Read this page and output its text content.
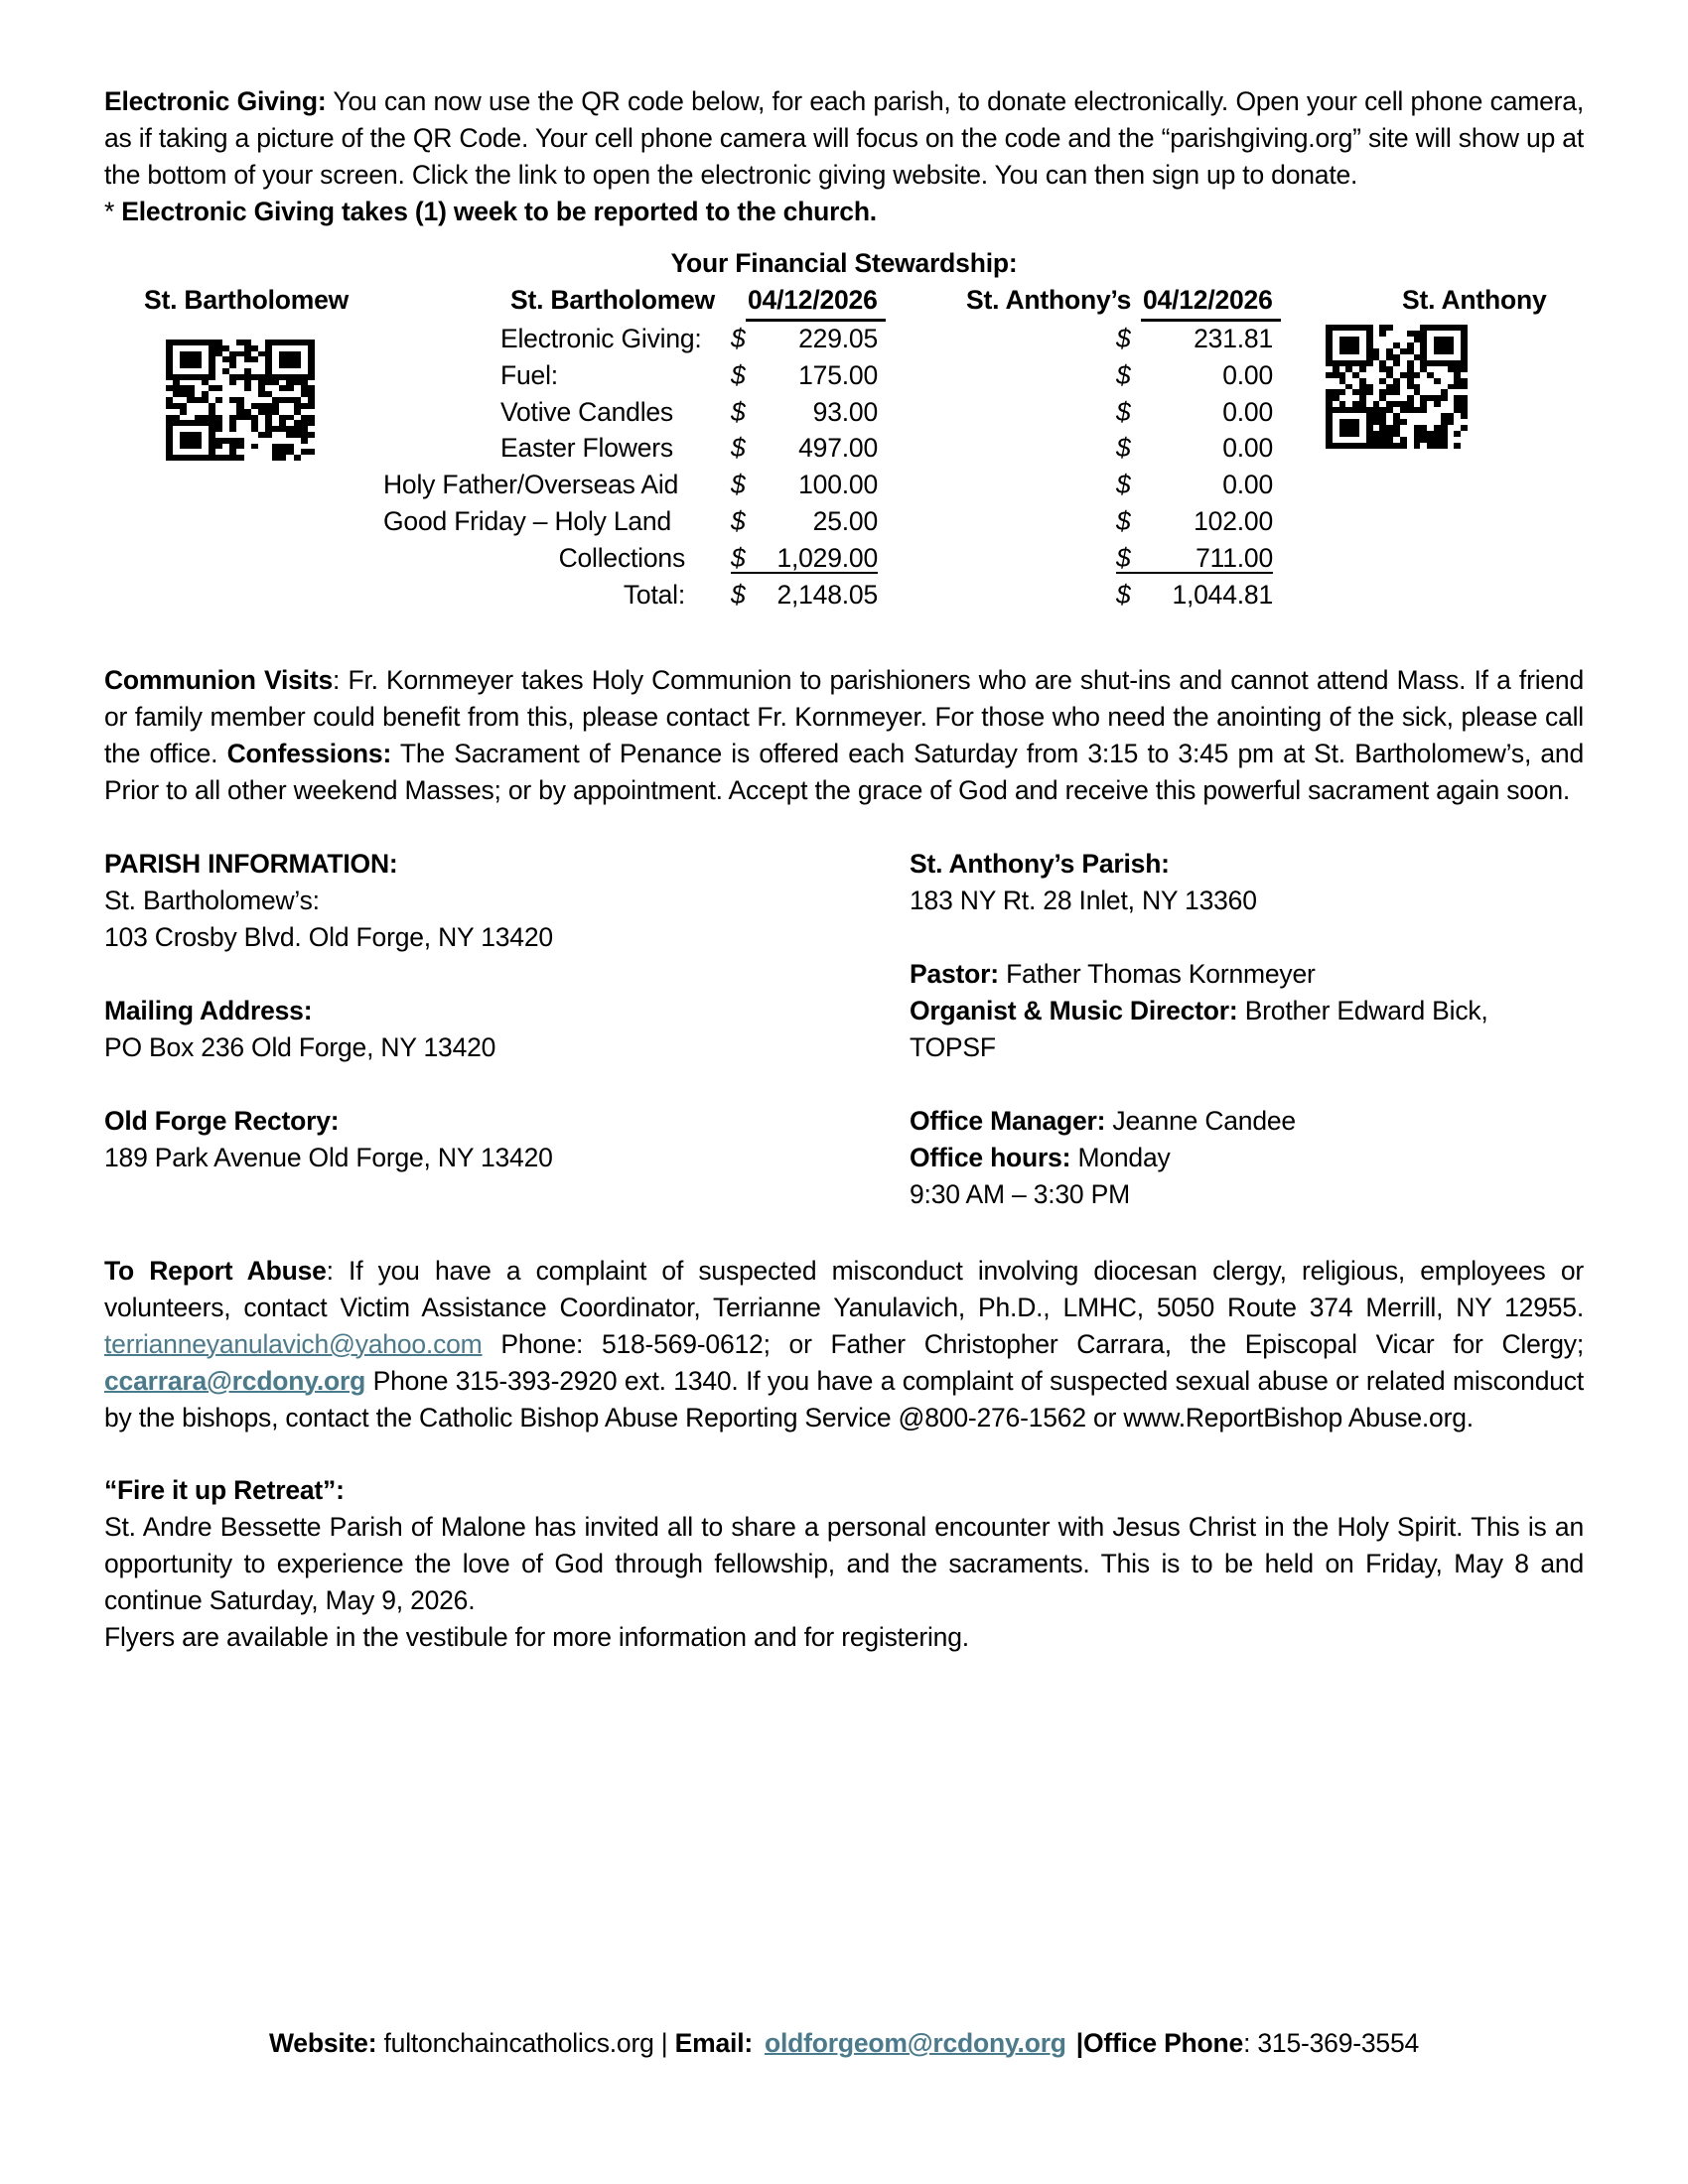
Electronic Giving: You can now use the QR code below, for each parish, to donate electronically. Open your cell phone camera, as if taking a picture of the QR Code. Your cell phone camera will focus on the code and the “parishgiving.org” site will show up at the bottom of your screen. Click the link to open the electronic giving website. You can then sign up to donate.

* Electronic Giving takes (1) week to be reported to the church.
Your Financial Stewardship:
St. Bartholomew	St. Bartholomew 04/12/2026	St. Anthony’s 04/12/2026	St. Anthony
Electronic Giving: $ 229.05	$ 231.81
Fuel:	$ 175.00	$	0.00
Votive Candles	$	93.00	$	0.00
Easter Flowers	$ 497.00	$	0.00
Holy Father/Overseas Aid $ 100.00	$	0.00
Good Friday – Holy Land	$	25.00	$ 102.00
Collections $ 1,029.00	$ 711.00
Total: $ 2,148.05	$ 1,044.81

Communion Visits: Fr. Kornmeyer takes Holy Communion to parishioners who are shut-ins and cannot attend Mass. If a friend or family member could benefit from this, please contact Fr. Kornmeyer. For those who need the anointing of the sick, please call the office. Confessions: The Sacrament of Penance is offered each Saturday from 3:15 to 3:45 pm at St. Bartholomew’s, and Prior to all other weekend Masses; or by appointment. Accept the grace of God and receive this powerful sacrament again soon.

PARISH INFORMATION:
St. Bartholomew’s:
103 Crosby Blvd. Old Forge, NY 13420
Mailing Address:
PO Box 236 Old Forge, NY 13420
Old Forge Rectory:
189 Park Avenue Old Forge, NY 13420
St. Anthony’s Parish:
183 NY Rt. 28 Inlet, NY 13360
Pastor: Father Thomas Kornmeyer
Organist & Music Director: Brother Edward Bick,
TOPSF
Office Manager: Jeanne Candee
Office hours: Monday
9:30 AM – 3:30 PM

To Report Abuse: If you have a complaint of suspected misconduct involving diocesan clergy, religious, employees or volunteers, contact Victim Assistance Coordinator, Terrianne Yanulavich, Ph.D., LMHC, 5050 Route 374 Merrill, NY 12955. terrianneyanulavich@yahoo.com Phone: 518-569-0612; or Father Christopher Carrara, the Episcopal Vicar for Clergy; ccarrara@rcdony.org Phone 315-393-2920 ext. 1340. If you have a complaint of suspected sexual abuse or related misconduct by the bishops, contact the Catholic Bishop Abuse Reporting Service @800-276-1562 or www.ReportBishop Abuse.org.

“Fire it up Retreat”:

St. Andre Bessette Parish of Malone has invited all to share a personal encounter with Jesus Christ in the Holy Spirit. This is an opportunity to experience the love of God through fellowship, and the sacraments. This is to be held on Friday, May 8 and continue Saturday, May 9, 2026.

Flyers are available in the vestibule for more information and for registering.
Website: fultonchaincatholics.org | Email: oldforgeom@rcdony.org |Office Phone: 315-369-3554
